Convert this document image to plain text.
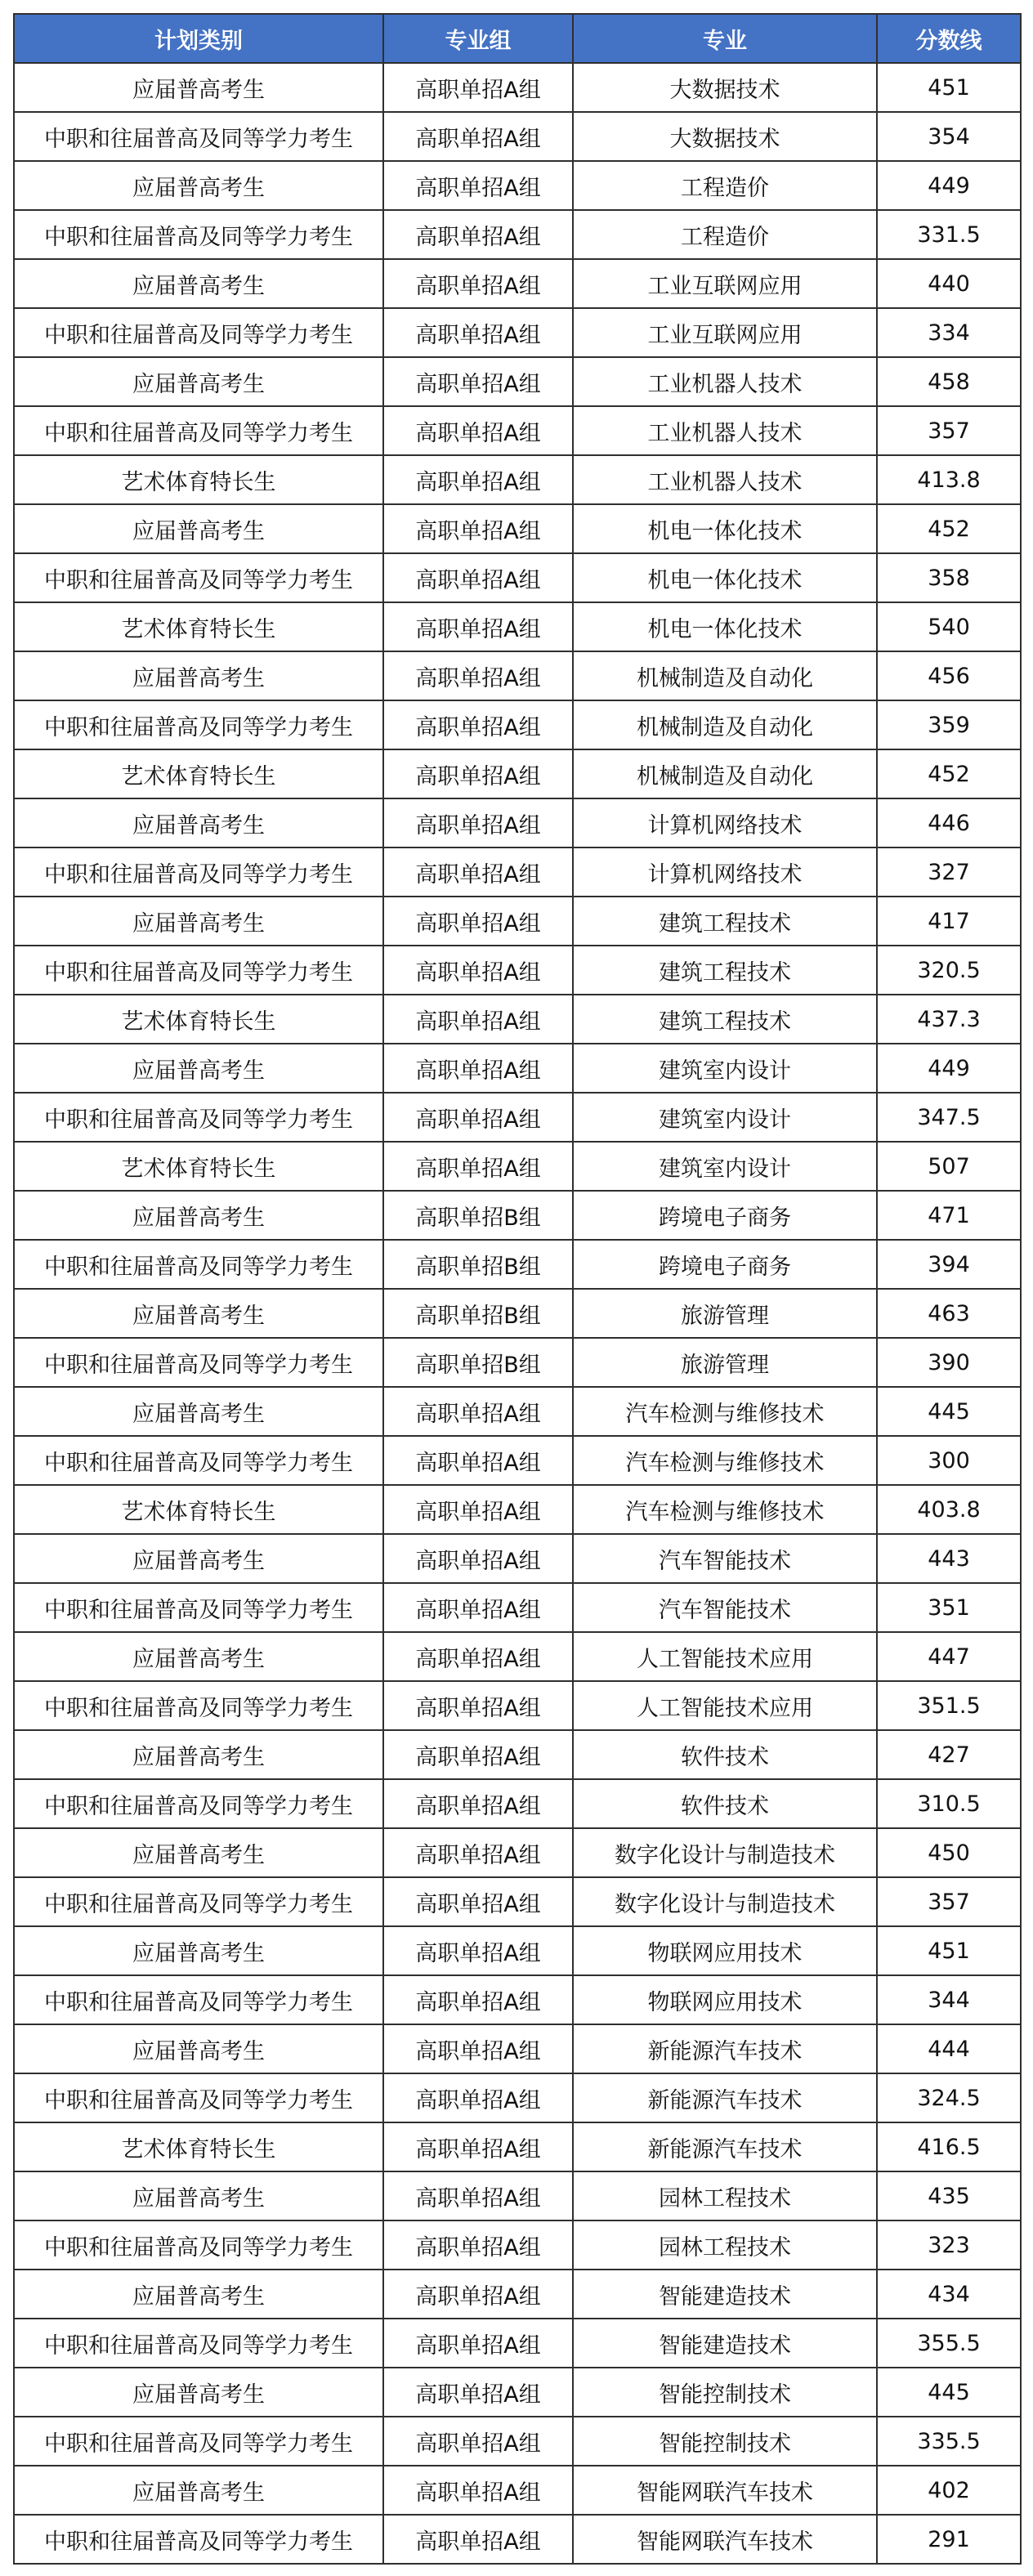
计划类别	专业组	专业	分数线
应届普高考生	高职单招A组	大数据技术	451
中职和往届普高及同等学力考生	高职单招A组	大数据技术	354
应届普高考生	高职单招A组	工程造价	449
中职和往届普高及同等学力考生	高职单招A组	工程造价	331.5
应届普高考生	高职单招A组	工业互联网应用	440
中职和往届普高及同等学力考生	高职单招A组	工业互联网应用	334
应届普高考生	高职单招A组	工业机器人技术	458
中职和往届普高及同等学力考生	高职单招A组	工业机器人技术	357
艺术体育特长生	高职单招A组	工业机器人技术	413.8
应届普高考生	高职单招A组	机电一体化技术	452
中职和往届普高及同等学力考生	高职单招A组	机电一体化技术	358
艺术体育特长生	高职单招A组	机电一体化技术	540
应届普高考生	高职单招A组	机械制造及自动化	456
中职和往届普高及同等学力考生	高职单招A组	机械制造及自动化	359
艺术体育特长生	高职单招A组	机械制造及自动化	452
应届普高考生	高职单招A组	计算机网络技术	446
中职和往届普高及同等学力考生	高职单招A组	计算机网络技术	327
应届普高考生	高职单招A组	建筑工程技术	417
中职和往届普高及同等学力考生	高职单招A组	建筑工程技术	320.5
艺术体育特长生	高职单招A组	建筑工程技术	437.3
应届普高考生	高职单招A组	建筑室内设计	449
中职和往届普高及同等学力考生	高职单招A组	建筑室内设计	347.5
艺术体育特长生	高职单招A组	建筑室内设计	507
应届普高考生	高职单招B组	跨境电子商务	471
中职和往届普高及同等学力考生	高职单招B组	跨境电子商务	394
应届普高考生	高职单招B组	旅游管理	463
中职和往届普高及同等学力考生	高职单招B组	旅游管理	390
应届普高考生	高职单招A组	汽车检测与维修技术	445
中职和往届普高及同等学力考生	高职单招A组	汽车检测与维修技术	300
艺术体育特长生	高职单招A组	汽车检测与维修技术	403.8
应届普高考生	高职单招A组	汽车智能技术	443
中职和往届普高及同等学力考生	高职单招A组	汽车智能技术	351
应届普高考生	高职单招A组	人工智能技术应用	447
中职和往届普高及同等学力考生	高职单招A组	人工智能技术应用	351.5
应届普高考生	高职单招A组	软件技术	427
中职和往届普高及同等学力考生	高职单招A组	软件技术	310.5
应届普高考生	高职单招A组	数字化设计与制造技术	450
中职和往届普高及同等学力考生	高职单招A组	数字化设计与制造技术	357
应届普高考生	高职单招A组	物联网应用技术	451
中职和往届普高及同等学力考生	高职单招A组	物联网应用技术	344
应届普高考生	高职单招A组	新能源汽车技术	444
中职和往届普高及同等学力考生	高职单招A组	新能源汽车技术	324.5
艺术体育特长生	高职单招A组	新能源汽车技术	416.5
应届普高考生	高职单招A组	园林工程技术	435
中职和往届普高及同等学力考生	高职单招A组	园林工程技术	323
应届普高考生	高职单招A组	智能建造技术	434
中职和往届普高及同等学力考生	高职单招A组	智能建造技术	355.5
应届普高考生	高职单招A组	智能控制技术	445
中职和往届普高及同等学力考生	高职单招A组	智能控制技术	335.5
应届普高考生	高职单招A组	智能网联汽车技术	402
中职和往届普高及同等学力考生	高职单招A组	智能网联汽车技术	291
